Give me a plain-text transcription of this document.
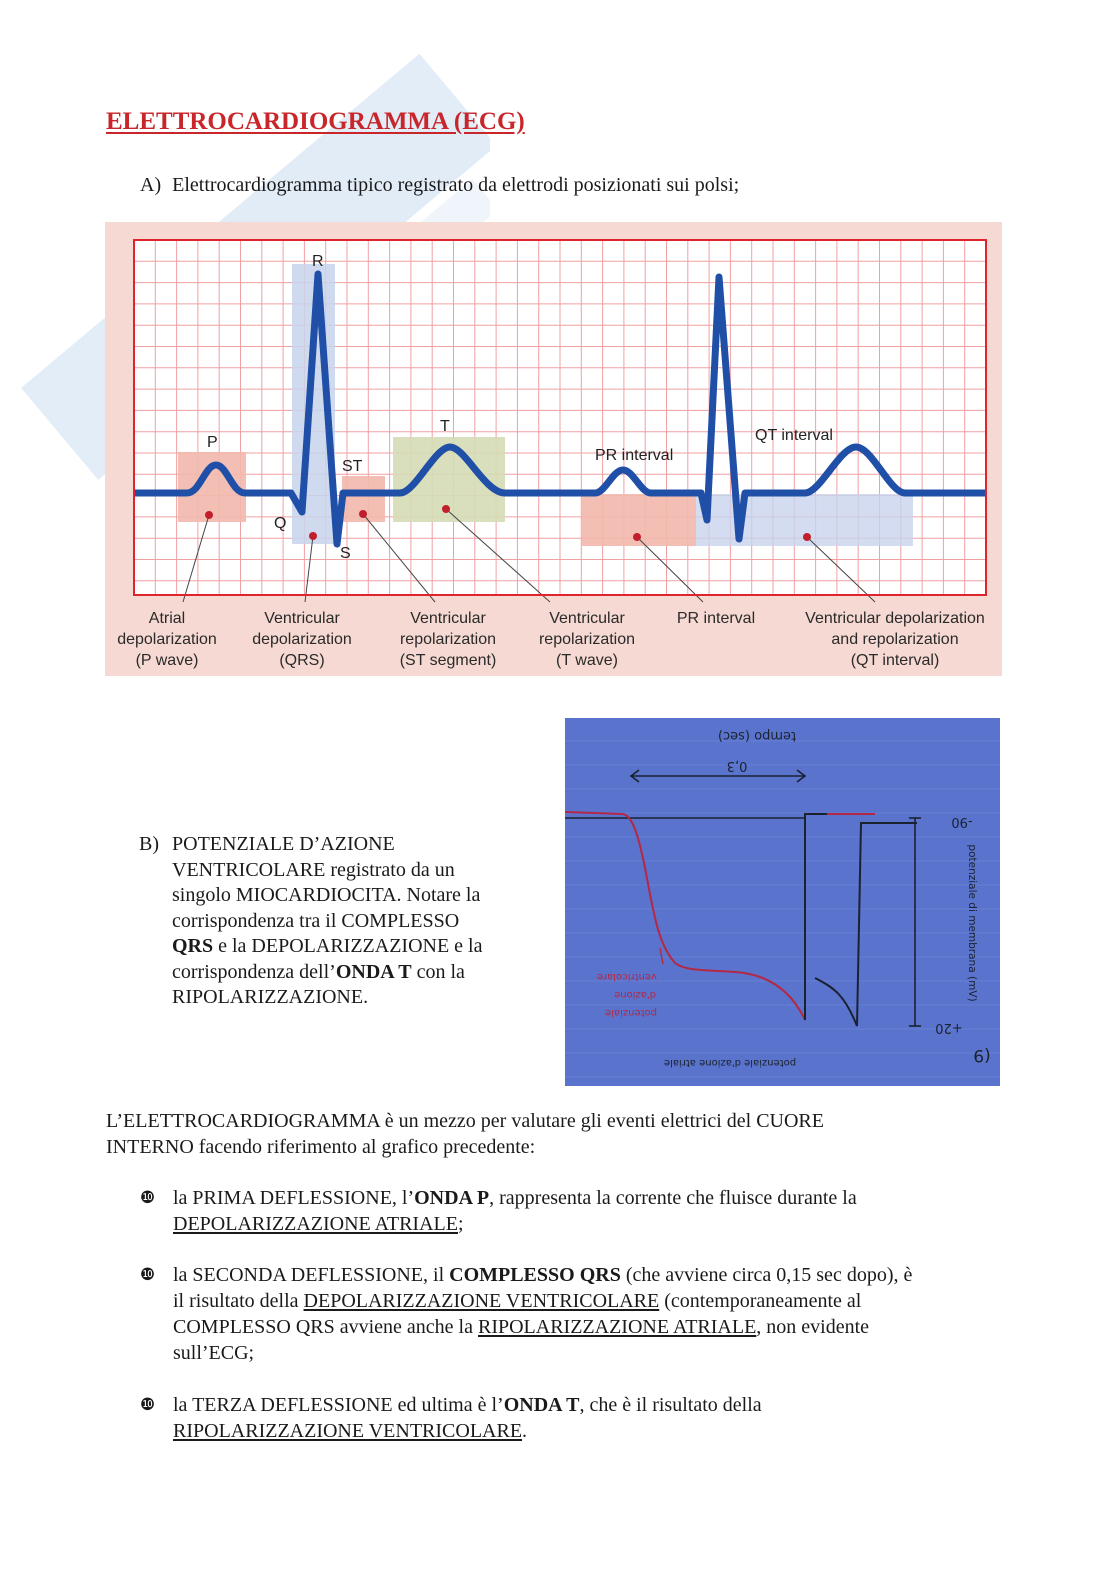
ELETTROCARDIOGRAMMA (ECG)
A) Elettrocardiogramma tipico registrato da elettrodi posizionati sui polsi;
P
Q
R
S
ST
T
PR interval
QT interval
Atrial
depolarization
(P wave)
Ventricular
depolarization
(QRS)
Ventricular
repolarization
(ST segment)
Ventricular
repolarization
(T wave)
PR interval	Ventricular depolarization
and repolarization
(QT interval)
B) POTENZIALE D’AZIONE
VENTRICOLARE registrato da un
singolo MIOCARDIOCITA. Notare la
corrispondenza tra il COMPLESSO
QRS e la DEPOLARIZZAZIONE e la
corrispondenza dell’ONDA T con la
RIPOLARIZZAZIONE.
0,3
tempo (sec)
-90
+20
potenziale di membrana (mV)
potenziale d'azione atriale	(9
potenziale
d'azione
ventricolare
L’ELETTROCARDIOGRAMMA è un mezzo per valutare gli eventi elettrici del CUORE
INTERNO facendo riferimento al grafico precedente:
❿ la PRIMA DEFLESSIONE, l’ONDA P, rappresenta la corrente che fluisce durante la
DEPOLARIZZAZIONE ATRIALE;
❿ la SECONDA DEFLESSIONE, il COMPLESSO QRS (che avviene circa 0,15 sec dopo), è
il risultato della DEPOLARIZZAZIONE VENTRICOLARE (contemporaneamente al
COMPLESSO QRS avviene anche la RIPOLARIZZAZIONE ATRIALE, non evidente
sull’ECG;
❿ la TERZA DEFLESSIONE ed ultima è l’ONDA T, che è il risultato della
RIPOLARIZZAZIONE VENTRICOLARE.
